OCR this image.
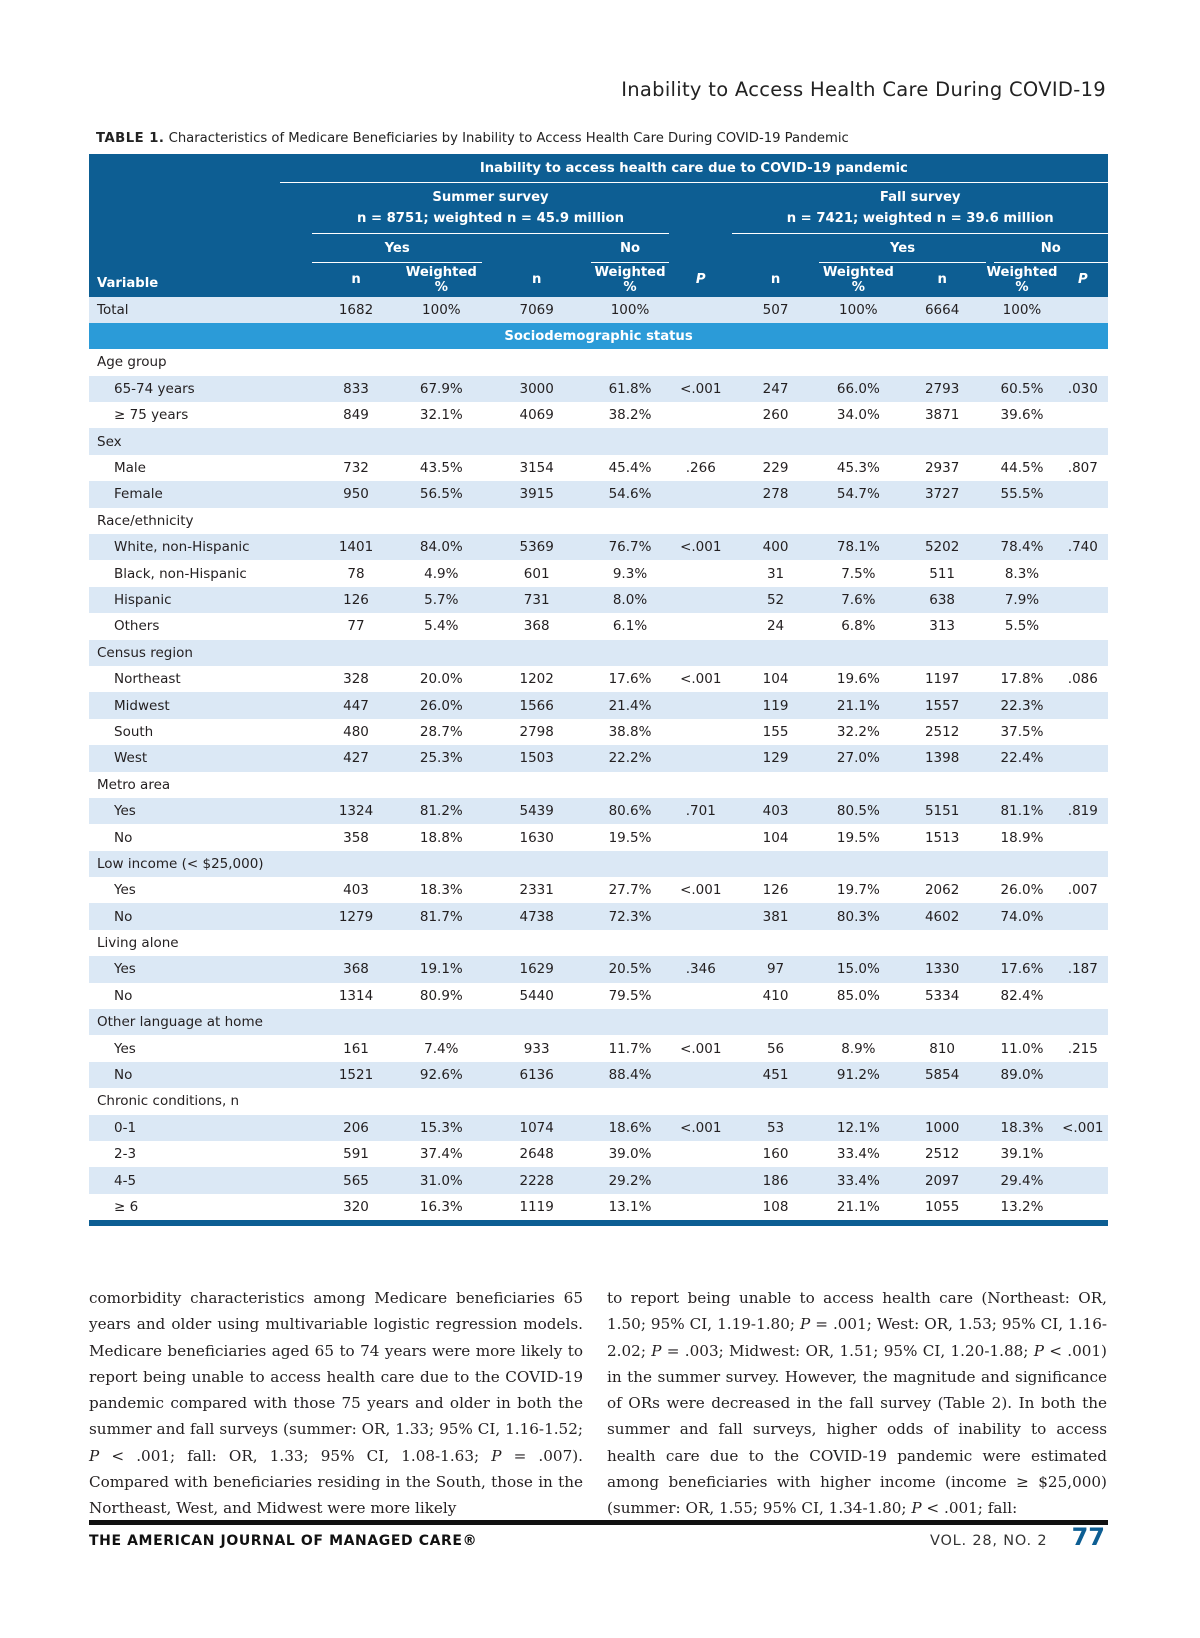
Inability to Access Health Care During COVID-19
TABLE 1. Characteristics of Medicare Beneficiaries by Inability to Access Health Care During COVID-19 Pandemic
	Inability to access health care due to COVID-19 pandemic											
		Summer survey
n = 8751; weighted n = 45.9 million					Fall survey
n = 7421; weighted n = 39.6 million					
		Yes			No			Yes			No	
Variable		n	Weighted %	n	Weighted %	P	n	Weighted %	n	Weighted %		P
Total		1682	100%	7069	100%		507	100%	6664	100%		
Sociodemographic status												
Age group												
65-74 years		833	67.9%	3000	61.8%	<.001	247	66.0%	2793	60.5%		.030
≥ 75 years		849	32.1%	4069	38.2%		260	34.0%	3871	39.6%		
Sex												
Male		732	43.5%	3154	45.4%	.266	229	45.3%	2937	44.5%		.807
Female		950	56.5%	3915	54.6%		278	54.7%	3727	55.5%		
Race/ethnicity												
White, non-Hispanic		1401	84.0%	5369	76.7%	<.001	400	78.1%	5202	78.4%		.740
Black, non-Hispanic		78	4.9%	601	9.3%		31	7.5%	511	8.3%		
Hispanic		126	5.7%	731	8.0%		52	7.6%	638	7.9%		
Others		77	5.4%	368	6.1%		24	6.8%	313	5.5%		
Census region												
Northeast		328	20.0%	1202	17.6%	<.001	104	19.6%	1197	17.8%		.086
Midwest		447	26.0%	1566	21.4%		119	21.1%	1557	22.3%		
South		480	28.7%	2798	38.8%		155	32.2%	2512	37.5%		
West		427	25.3%	1503	22.2%		129	27.0%	1398	22.4%		
Metro area												
Yes		1324	81.2%	5439	80.6%	.701	403	80.5%	5151	81.1%		.819
No		358	18.8%	1630	19.5%		104	19.5%	1513	18.9%		
Low income (< $25,000)												
Yes		403	18.3%	2331	27.7%	<.001	126	19.7%	2062	26.0%		.007
No		1279	81.7%	4738	72.3%		381	80.3%	4602	74.0%		
Living alone												
Yes		368	19.1%	1629	20.5%	.346	97	15.0%	1330	17.6%		.187
No		1314	80.9%	5440	79.5%		410	85.0%	5334	82.4%		
Other language at home												
Yes		161	7.4%	933	11.7%	<.001	56	8.9%	810	11.0%		.215
No		1521	92.6%	6136	88.4%		451	91.2%	5854	89.0%		
Chronic conditions, n												
0-1		206	15.3%	1074	18.6%	<.001	53	12.1%	1000	18.3%		<.001
2-3		591	37.4%	2648	39.0%		160	33.4%	2512	39.1%		
4-5		565	31.0%	2228	29.2%		186	33.4%	2097	29.4%		
≥ 6		320	16.3%	1119	13.1%		108	21.1%	1055	13.2%		

comorbidity characteristics among Medicare beneficiaries 65 years and older using multivariable logistic regression models. Medicare beneficiaries aged 65 to 74 years were more likely to report being unable to access health care due to the COVID-19 pandemic compared with those 75 years and older in both the summer and fall surveys (summer: OR, 1.33; 95% CI, 1.16-1.52; P < .001; fall: OR, 1.33; 95% CI, 1.08-1.63; P = .007). Compared with beneficiaries residing in the South, those in the Northeast, West, and Midwest were more likely

to report being unable to access health care (Northeast: OR, 1.50; 95% CI, 1.19-1.80; P = .001; West: OR, 1.53; 95% CI, 1.16-2.02; P = .003; Midwest: OR, 1.51; 95% CI, 1.20-1.88; P < .001) in the summer survey. However, the magnitude and significance of ORs were decreased in the fall survey (Table 2). In both the summer and fall surveys, higher odds of inability to access health care due to the COVID-19 pandemic were estimated among beneficiaries with higher income (income ≥ $25,000) (summer: OR, 1.55; 95% CI, 1.34-1.80; P < .001; fall:

THE AMERICAN JOURNAL OF MANAGED CARE®	VOL. 28, NO. 2 77
